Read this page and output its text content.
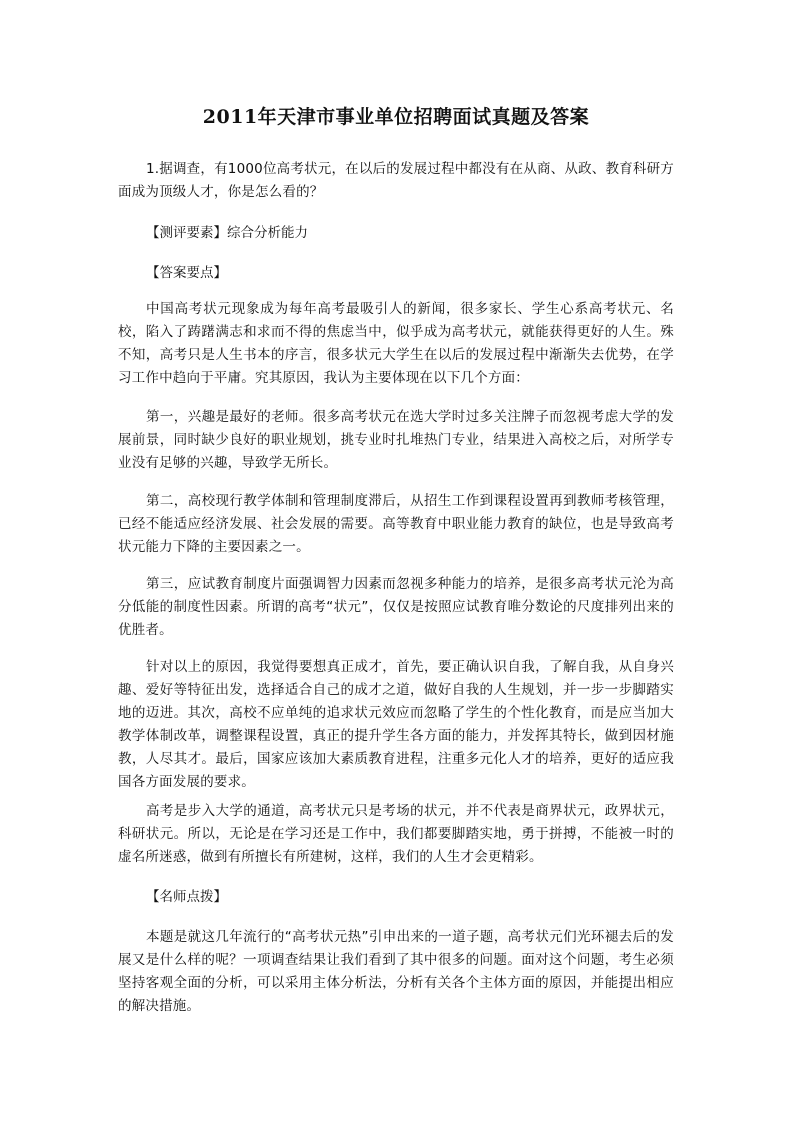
2011年天津市事业单位招聘面试真题及答案

1.据调查，有1000位高考状元，在以后的发展过程中都没有在从商、从政、教育科研方面成为顶级人才，你是怎么看的？

【测评要素】综合分析能力

【答案要点】

中国高考状元现象成为每年高考最吸引人的新闻，很多家长、学生心系高考状元、名校，陷入了踌躇满志和求而不得的焦虑当中，似乎成为高考状元，就能获得更好的人生。殊不知，高考只是人生书本的序言，很多状元大学生在以后的发展过程中渐渐失去优势，在学习工作中趋向于平庸。究其原因，我认为主要体现在以下几个方面：

第一，兴趣是最好的老师。很多高考状元在选大学时过多关注牌子而忽视考虑大学的发展前景，同时缺少良好的职业规划，挑专业时扎堆热门专业，结果进入高校之后，对所学专业没有足够的兴趣，导致学无所长。

第二，高校现行教学体制和管理制度滞后，从招生工作到课程设置再到教师考核管理，已经不能适应经济发展、社会发展的需要。高等教育中职业能力教育的缺位，也是导致高考状元能力下降的主要因素之一。

第三，应试教育制度片面强调智力因素而忽视多种能力的培养，是很多高考状元沦为高分低能的制度性因素。所谓的高考“状元”，仅仅是按照应试教育唯分数论的尺度排列出来的优胜者。

针对以上的原因，我觉得要想真正成才，首先，要正确认识自我，了解自我，从自身兴趣、爱好等特征出发，选择适合自己的成才之道，做好自我的人生规划，并一步一步脚踏实地的迈进。其次，高校不应单纯的追求状元效应而忽略了学生的个性化教育，而是应当加大教学体制改革，调整课程设置，真正的提升学生各方面的能力，并发挥其特长，做到因材施教，人尽其才。最后，国家应该加大素质教育进程，注重多元化人才的培养，更好的适应我国各方面发展的要求。

高考是步入大学的通道，高考状元只是考场的状元，并不代表是商界状元，政界状元，科研状元。所以，无论是在学习还是工作中，我们都要脚踏实地，勇于拼搏，不能被一时的虚名所迷惑，做到有所擅长有所建树，这样，我们的人生才会更精彩。

【名师点拨】

本题是就这几年流行的“高考状元热”引申出来的一道子题，高考状元们光环褪去后的发展又是什么样的呢？一项调查结果让我们看到了其中很多的问题。面对这个问题，考生必须坚持客观全面的分析，可以采用主体分析法，分析有关各个主体方面的原因，并能提出相应的解决措施。
